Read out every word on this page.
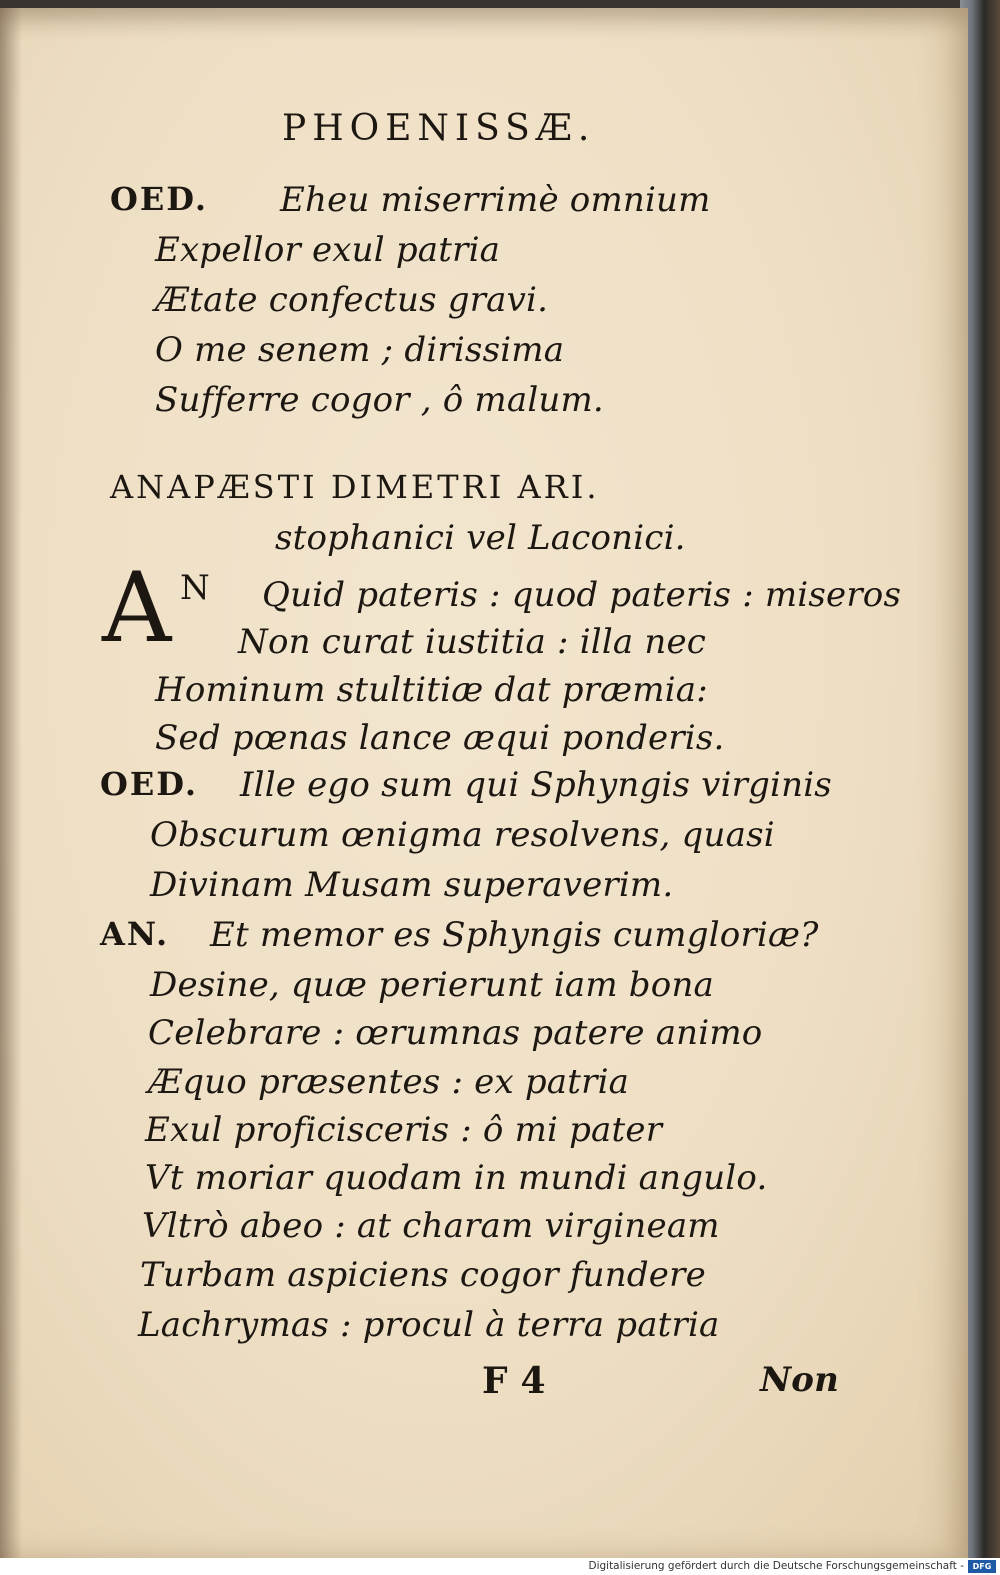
PHOENISSÆ.
OED. Eheu miserrimè omnium
Expellor exul patria
Ætate confectus gravi.
O me senem ; dirissima
Sufferre cogor , ô malum.
ANAPÆSTI DIMETRI ARI.
stophanici vel Laconici.
A N Quid pateris : quod pateris : miseros
Non curat iustitia : illa nec
Hominum stultitiæ dat præmia:
Sed pœnas lance æqui ponderis.
OED. Ille ego sum qui Sphyngis virginis
Obscurum œnigma resolvens, quasi
Divinam Musam superaverim.
AN. Et memor es Sphyngis cumgloriæ?
Desine, quæ perierunt iam bona
Celebrare : œrumnas patere animo
Æquo præsentes : ex patria
Exul proficisceris : ô mi pater
Vt moriar quodam in mundi angulo.
Vltrò abeo : at charam virgineam
Turbam aspiciens cogor fundere
Lachrymas : procul à terra patria
F 4	Non
Digitalisierung gefördert durch die Deutsche Forschungsgemeinschaft -	DFG
